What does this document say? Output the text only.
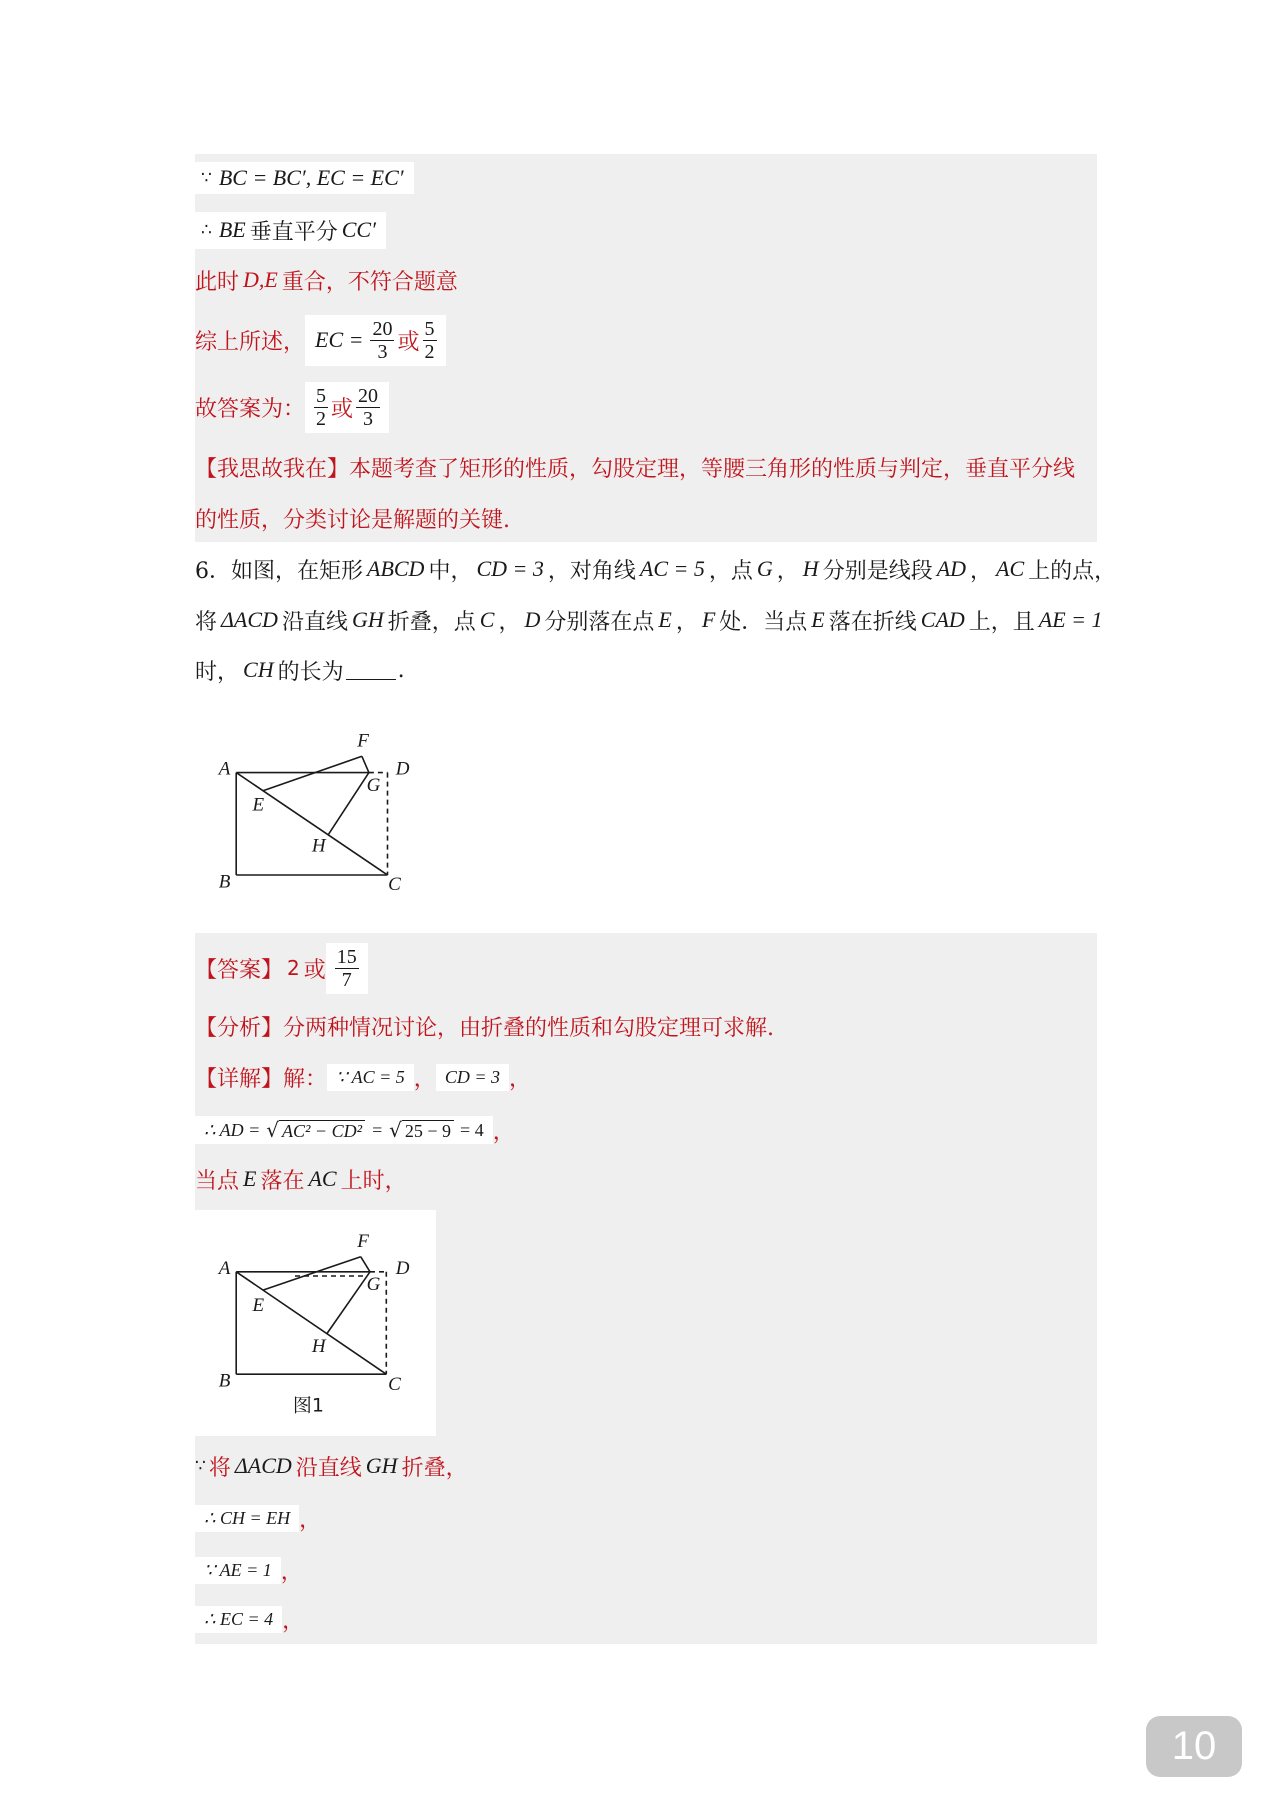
∵ BC = BC′, EC = EC′
∴ BE 垂直平分 CC′
此时 D,E 重合，不符合题意
综上所述， EC = $\frac{20}{3}$ 或 $\frac{5}{2}$
故答案为： $\frac{5}{2}$ 或 $\frac{20}{3}$
【我思故我在】本题考查了矩形的性质，勾股定理，等腰三角形的性质与判定，垂直平分线
的性质，分类讨论是解题的关键.
6．如图，在矩形 ABCD 中， CD = 3 ，对角线 AC = 5 ，点 G ， H 分别是线段 AD ， AC 上的点，
将 ΔACD 沿直线 GH 折叠，点 C ， D 分别落在点 E ， F 处．当点 E 落在折线 CAD 上，且 AE = 1
时， CH 的长为 .
A
B	C
D
E
F
G
H
【答案】 2 或 $\frac{15}{7}$
【分析】分两种情况讨论，由折叠的性质和勾股定理可求解.
【详解】解： ∵ AC = 5 ， CD = 3 ，
∴ AD = √ AC² − CD² = √ 25 − 9 = 4 ，
当点 E 落在 AC 上时，
A
B	C
D
E
F
G
H
图1
∵ 将 ΔACD 沿直线 GH 折叠，
∴ CH = EH ，
∵ AE = 1 ，
∴ EC = 4 ，
10
